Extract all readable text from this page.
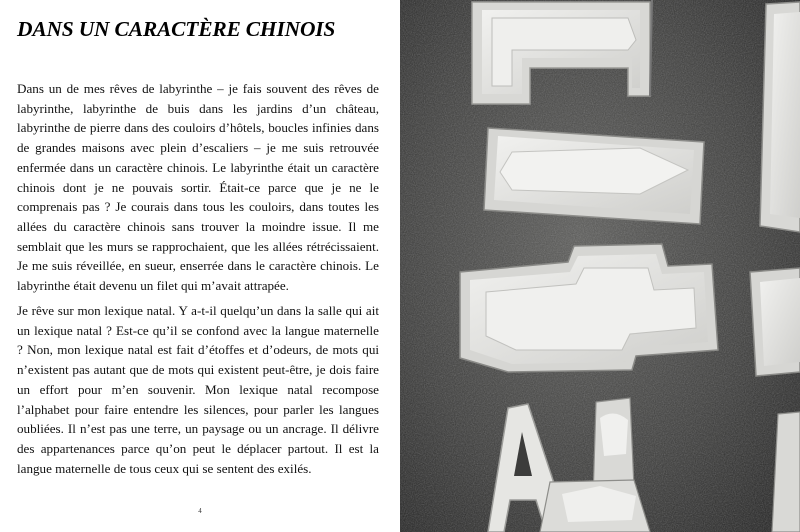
DANS UN CARACTÈRE CHINOIS

Dans un de mes rêves de labyrinthe – je fais souvent des rêves de labyrinthe, labyrinthe de buis dans les jardins d’un château, labyrinthe de pierre dans des couloirs d’hôtels, boucles infinies dans de grandes maisons avec plein d’escaliers – je me suis retrouvée enfermée dans un caractère chinois. Le labyrinthe était un caractère chinois dont je ne pouvais sortir. Était-ce parce que je ne le comprenais pas ? Je courais dans tous les couloirs, dans toutes les allées du caractère chinois sans trouver la moindre issue. Il me semblait que les murs se rapprochaient, que les allées rétrécissaient. Je me suis réveillée, en sueur, enserrée dans le caractère chinois. Le labyrinthe était devenu un filet qui m’avait attrapée.

Je rêve sur mon lexique natal. Y a-t-il quelqu’un dans la salle qui ait un lexique natal ? Est-ce qu’il se confond avec la langue maternelle ? Non, mon lexique natal est fait d’étoffes et d’odeurs, de mots qui n’existent pas autant que de mots qui existent peut-être, je dois faire un effort pour m’en souvenir. Mon lexique natal recompose l’alphabet pour faire entendre les silences, pour parler les langues oubliées. Il n’est pas une terre, un paysage ou un ancrage. Il délivre des appartenances parce qu’on peut le déplacer partout. Il est la langue maternelle de tous ceux qui se sentent des exilés.

4
